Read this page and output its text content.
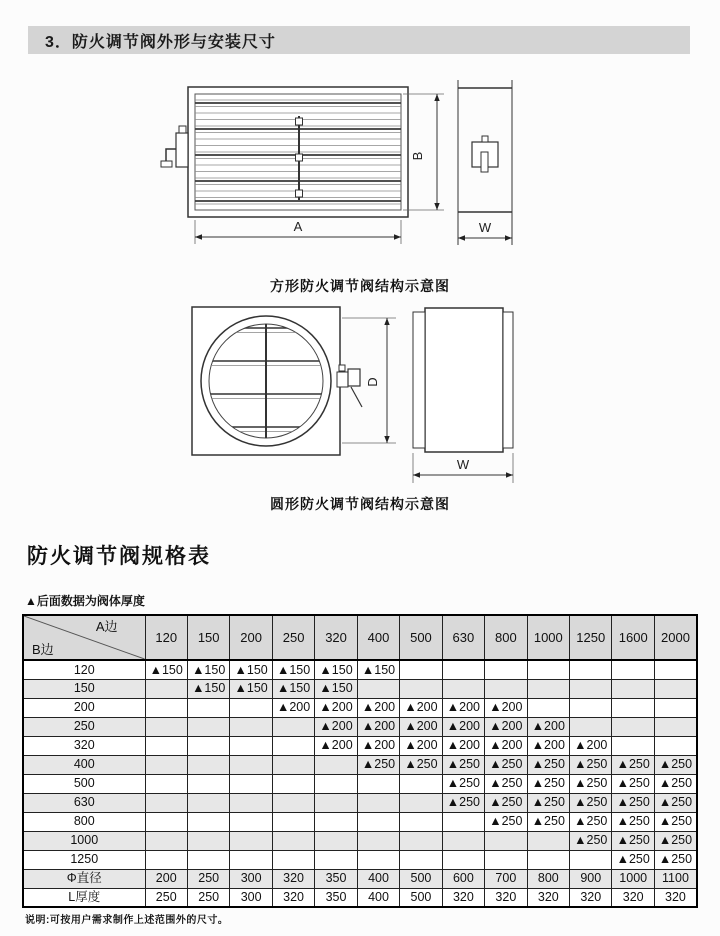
3．防火调节阀外形与安装尺寸
B
A	W
方形防火调节阀结构示意图
D
W
圆形防火调节阀结构示意图
防火调节阀规格表
▲后面数据为阀体厚度
A边
B边	120	150	200	250	320	400	500	630	800	1000	1250	1600	2000
120	▲150	▲150	▲150	▲150	▲150	▲150							
150		▲150	▲150	▲150	▲150								
200				▲200	▲200	▲200	▲200	▲200	▲200				
250					▲200	▲200	▲200	▲200	▲200	▲200			
320					▲200	▲200	▲200	▲200	▲200	▲200	▲200		
400						▲250	▲250	▲250	▲250	▲250	▲250	▲250	▲250
500								▲250	▲250	▲250	▲250	▲250	▲250
630								▲250	▲250	▲250	▲250	▲250	▲250
800									▲250	▲250	▲250	▲250	▲250
1000											▲250	▲250	▲250
1250												▲250	▲250
Φ直径	200	250	300	320	350	400	500	600	700	800	900	1000	1100
L厚度	250	250	300	320	350	400	500	320	320	320	320	320	320
说明:可按用户需求制作上述范围外的尺寸。
